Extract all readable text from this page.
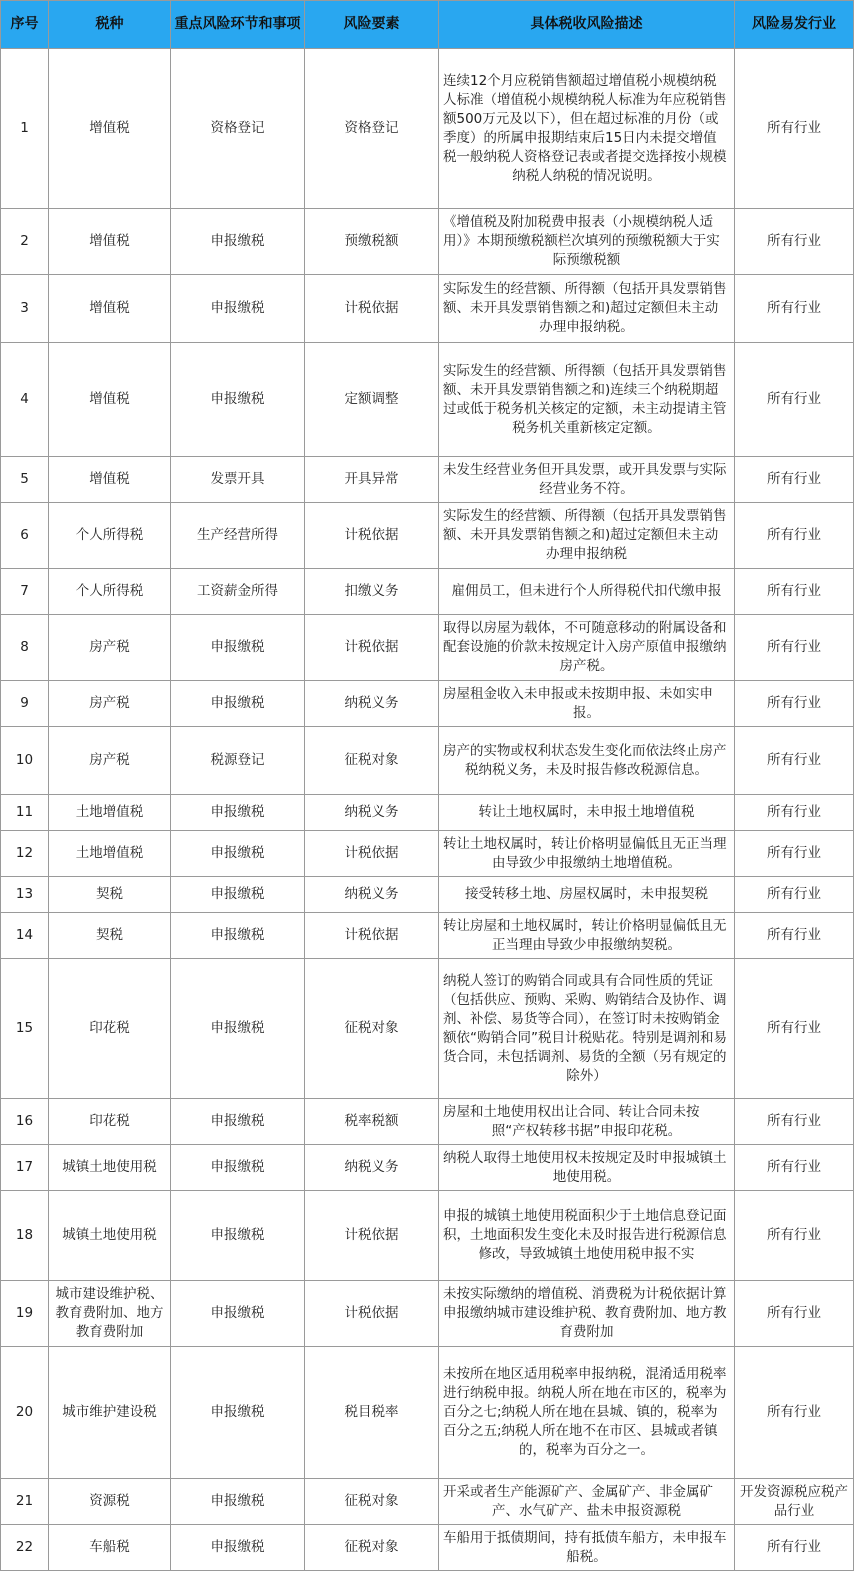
序号	税种	重点风险环节和事项	风险要素	具体税收风险描述	风险易发行业
1	增值税	资格登记	资格登记	连续12个月应税销售额超过增值税小规模纳税人标准（增值税小规模纳税人标准为年应税销售额500万元及以下），但在超过标准的月份（或季度）的所属申报期结束后15日内未提交增值税一般纳税人资格登记表或者提交选择按小规模纳税人纳税的情况说明。	所有行业
2	增值税	申报缴税	预缴税额	《增值税及附加税费申报表（小规模纳税人适用）》本期预缴税额栏次填列的预缴税额大于实际预缴税额	所有行业
3	增值税	申报缴税	计税依据	实际发生的经营额、所得额（包括开具发票销售额、未开具发票销售额之和)超过定额但未主动办理申报纳税。	所有行业
4	增值税	申报缴税	定额调整	实际发生的经营额、所得额（包括开具发票销售额、未开具发票销售额之和)连续三个纳税期超过或低于税务机关核定的定额，未主动提请主管税务机关重新核定定额。	所有行业
5	增值税	发票开具	开具异常	未发生经营业务但开具发票，或开具发票与实际经营业务不符。	所有行业
6	个人所得税	生产经营所得	计税依据	实际发生的经营额、所得额（包括开具发票销售额、未开具发票销售额之和)超过定额但未主动办理申报纳税	所有行业
7	个人所得税	工资薪金所得	扣缴义务	雇佣员工，但未进行个人所得税代扣代缴申报	所有行业
8	房产税	申报缴税	计税依据	取得以房屋为载体，不可随意移动的附属设备和配套设施的价款未按规定计入房产原值申报缴纳房产税。	所有行业
9	房产税	申报缴税	纳税义务	房屋租金收入未申报或未按期申报、未如实申报。	所有行业
10	房产税	税源登记	征税对象	房产的实物或权利状态发生变化而依法终止房产税纳税义务，未及时报告修改税源信息。	所有行业
11	土地增值税	申报缴税	纳税义务	转让土地权属时，未申报土地增值税	所有行业
12	土地增值税	申报缴税	计税依据	转让土地权属时，转让价格明显偏低且无正当理由导致少申报缴纳土地增值税。	所有行业
13	契税	申报缴税	纳税义务	接受转移土地、房屋权属时，未申报契税	所有行业
14	契税	申报缴税	计税依据	转让房屋和土地权属时，转让价格明显偏低且无正当理由导致少申报缴纳契税。	所有行业
15	印花税	申报缴税	征税对象	纳税人签订的购销合同或具有合同性质的凭证（包括供应、预购、采购、购销结合及协作、调剂、补偿、易货等合同），在签订时未按购销金额依“购销合同”税目计税贴花。特别是调剂和易货合同，未包括调剂、易货的全额（另有规定的除外）	所有行业
16	印花税	申报缴税	税率税额	房屋和土地使用权出让合同、转让合同未按照“产权转移书据”申报印花税。	所有行业
17	城镇土地使用税	申报缴税	纳税义务	纳税人取得土地使用权未按规定及时申报城镇土地使用税。	所有行业
18	城镇土地使用税	申报缴税	计税依据	申报的城镇土地使用税面积少于土地信息登记面积，土地面积发生变化未及时报告进行税源信息修改，导致城镇土地使用税申报不实	所有行业
19	城市建设维护税、教育费附加、地方教育费附加	申报缴税	计税依据	未按实际缴纳的增值税、消费税为计税依据计算申报缴纳城市建设维护税、教育费附加、地方教育费附加	所有行业
20	城市维护建设税	申报缴税	税目税率	未按所在地区适用税率申报纳税，混淆适用税率进行纳税申报。纳税人所在地在市区的，税率为百分之七;纳税人所在地在县城、镇的，税率为百分之五;纳税人所在地不在市区、县城或者镇的，税率为百分之一。	所有行业
21	资源税	申报缴税	征税对象	开采或者生产能源矿产、金属矿产、非金属矿产、水气矿产、盐未申报资源税	开发资源税应税产品行业
22	车船税	申报缴税	征税对象	车船用于抵债期间，持有抵债车船方，未申报车船税。	所有行业
